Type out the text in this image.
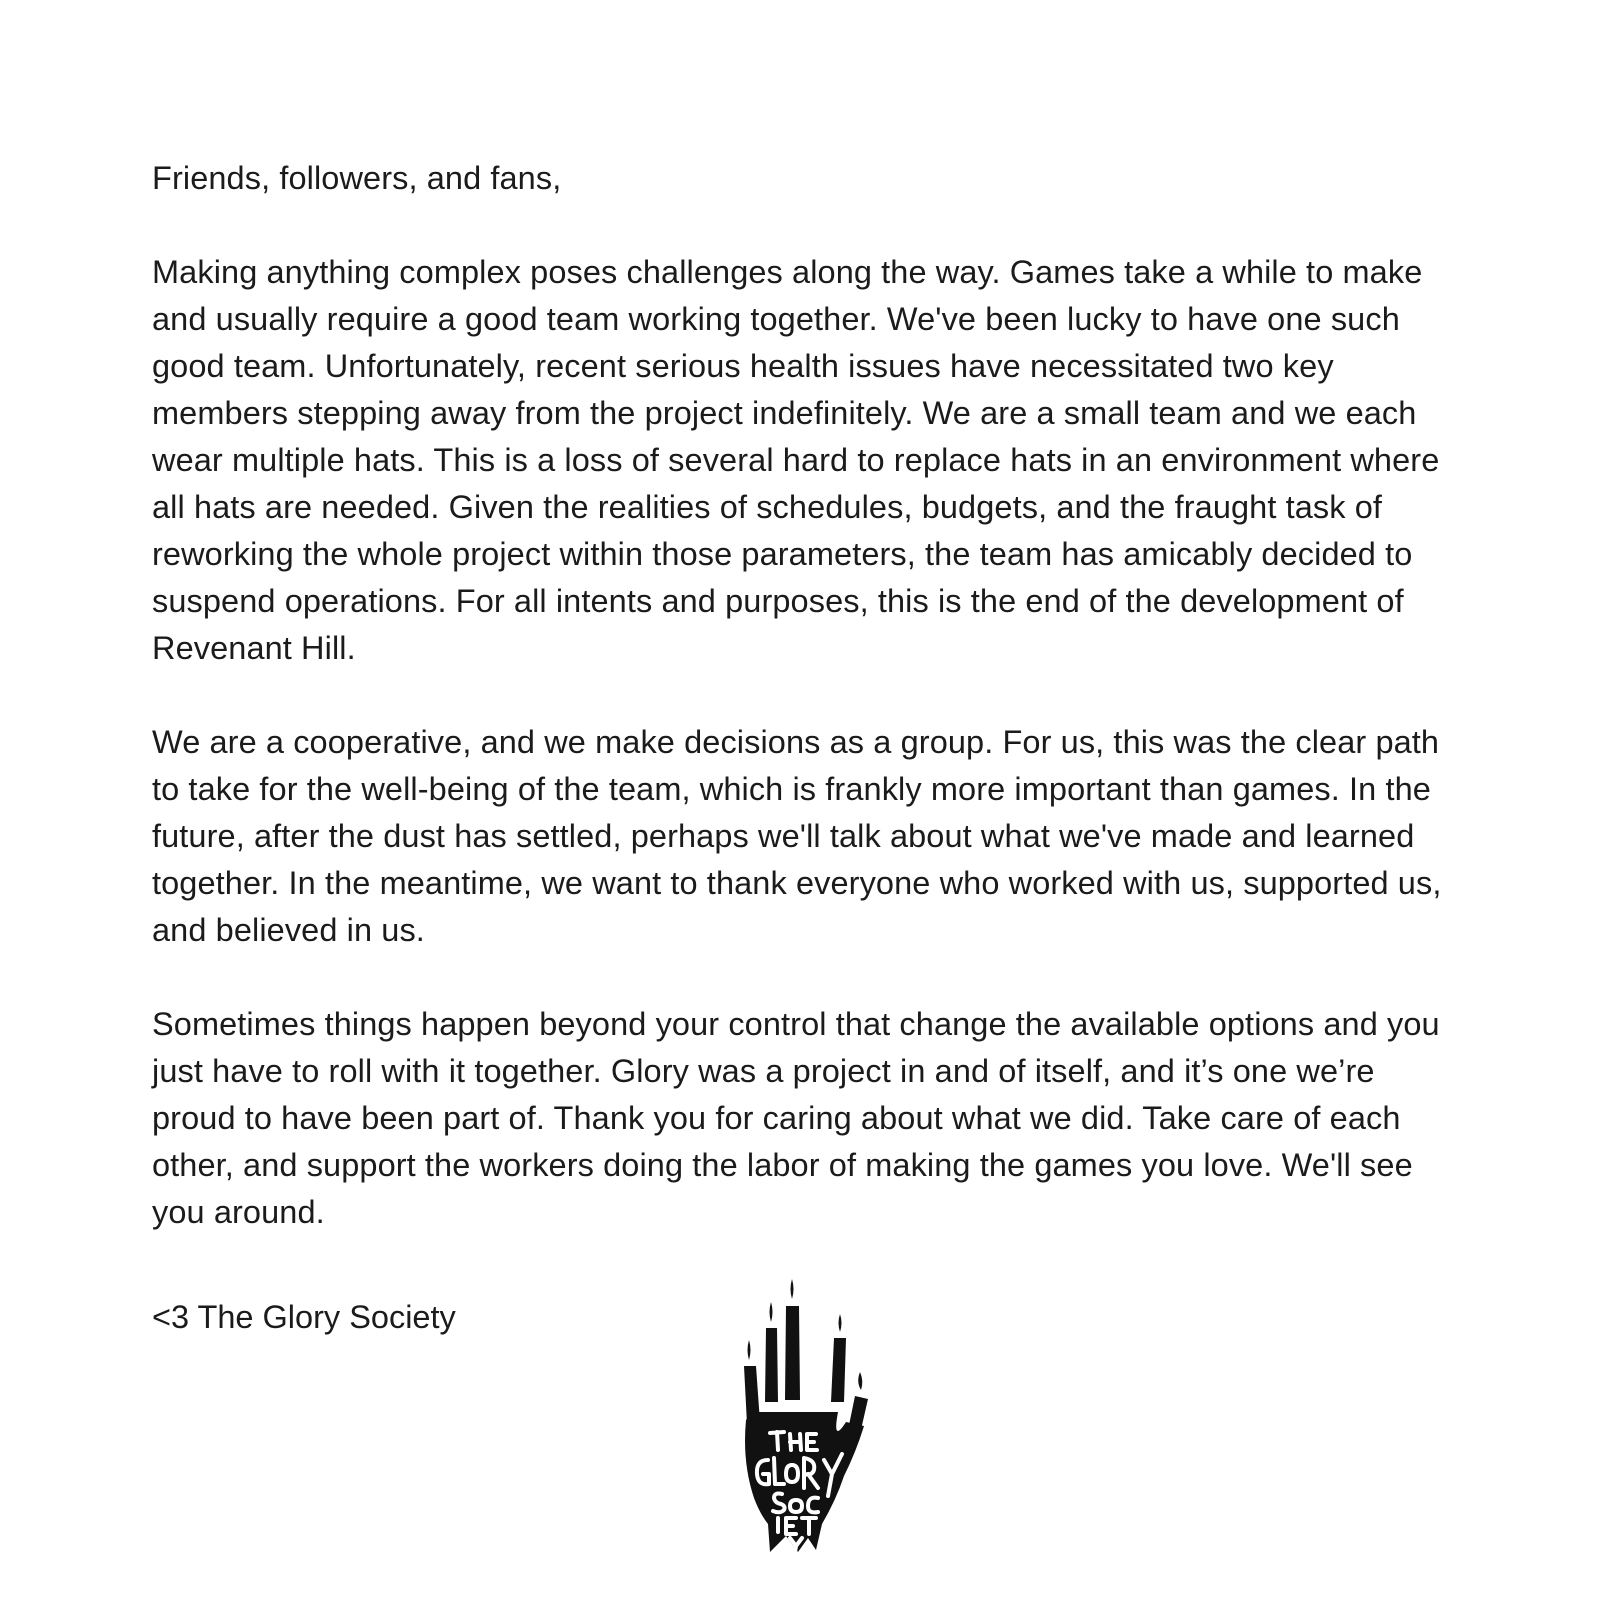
Friends, followers, and fans,

Making anything complex poses challenges along the way. Games take a while to make
and usually require a good team working together. We've been lucky to have one such
good team. Unfortunately, recent serious health issues have necessitated two key
members stepping away from the project indefinitely. We are a small team and we each
wear multiple hats. This is a loss of several hard to replace hats in an environment where
all hats are needed. Given the realities of schedules, budgets, and the fraught task of
reworking the whole project within those parameters, the team has amicably decided to
suspend operations. For all intents and purposes, this is the end of the development of
Revenant Hill.

We are a cooperative, and we make decisions as a group. For us, this was the clear path
to take for the well-being of the team, which is frankly more important than games. In the
future, after the dust has settled, perhaps we'll talk about what we've made and learned
together. In the meantime, we want to thank everyone who worked with us, supported us,
and believed in us.

Sometimes things happen beyond your control that change the available options and you
just have to roll with it together. Glory was a project in and of itself, and it’s one we’re
proud to have been part of. Thank you for caring about what we did. Take care of each
other, and support the workers doing the labor of making the games you love. We'll see
you around.

<3 The Glory Society
